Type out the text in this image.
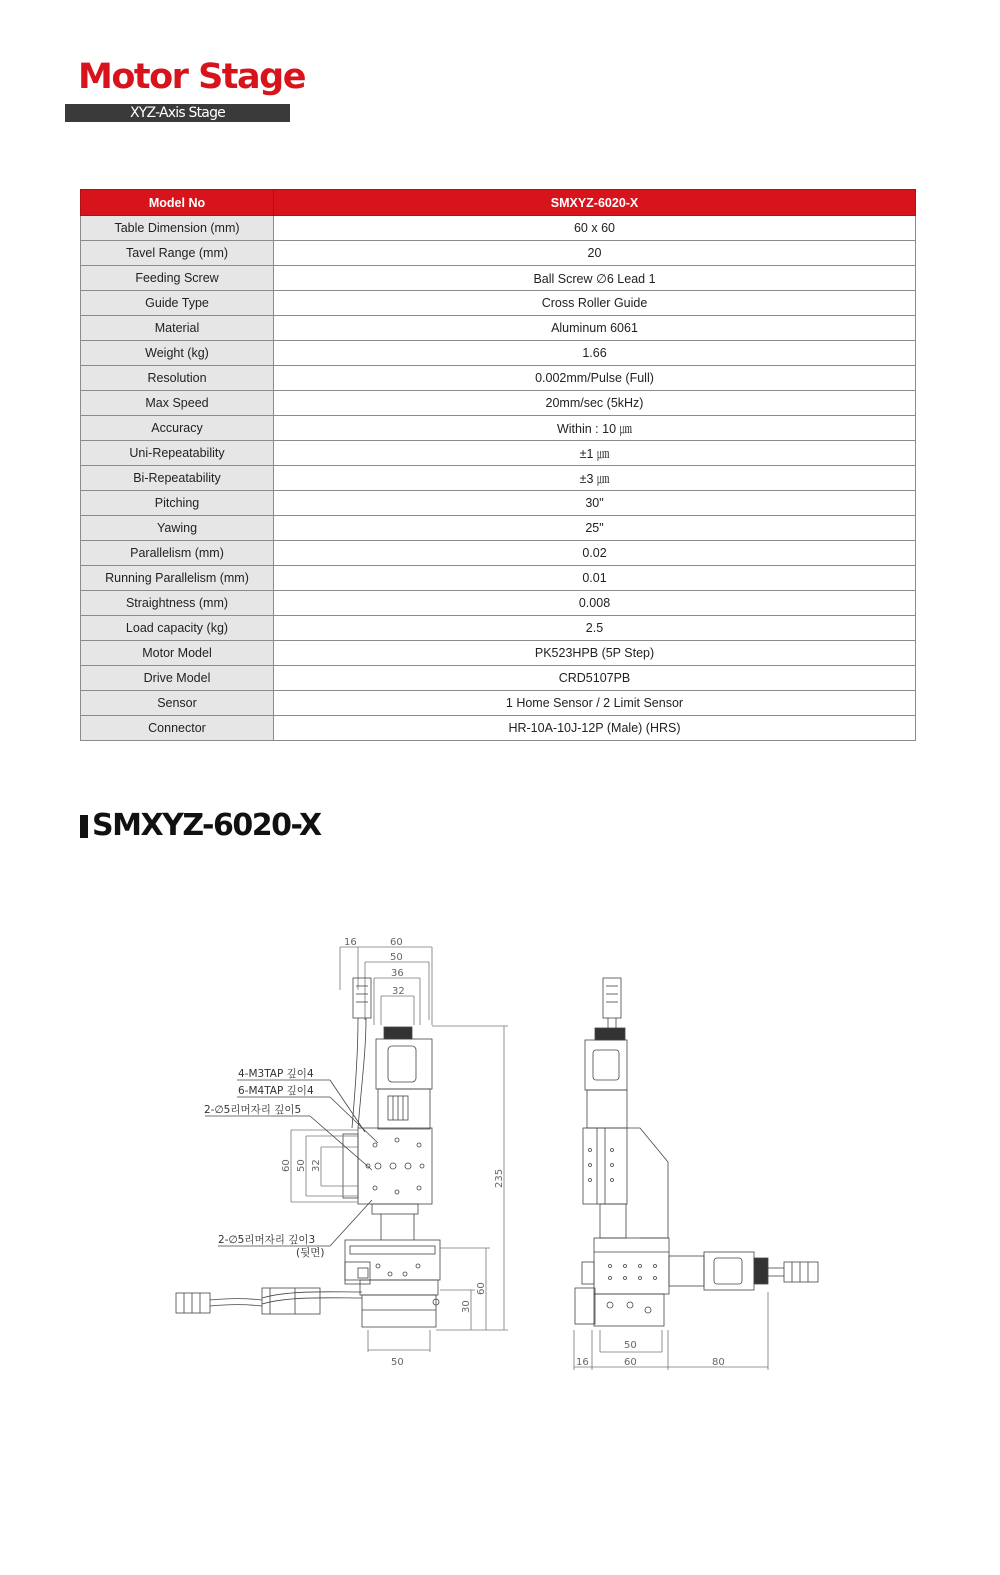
Motor Stage
XYZ-Axis Stage
Model No	SMXYZ-6020-X
Table Dimension (mm)	60 x 60
Tavel Range (mm)	20
Feeding Screw	Ball Screw ∅6 Lead 1
Guide Type	Cross Roller Guide
Material	Aluminum 6061
Weight (kg)	1.66
Resolution	0.002mm/Pulse (Full)
Max Speed	20mm/sec (5kHz)
Accuracy	Within : 10 ㎛
Uni-Repeatability	±1 ㎛
Bi-Repeatability	±3 ㎛
Pitching	30"
Yawing	25"
Parallelism (mm)	0.02
Running Parallelism (mm)	0.01
Straightness (mm)	0.008
Load capacity (kg)	2.5
Motor Model	PK523HPB (5P Step)
Drive Model	CRD5107PB
Sensor	1 Home Sensor / 2 Limit Sensor
Connector	HR-10A-10J-12P (Male) (HRS)
SMXYZ-6020-X
16	60
50
36
32
60 50 32
235
60
30
50
50
16	60	80
4-M3TAP 깊이4
6-M4TAP 깊이4
2-∅5리머자리 깊이5
2-∅5리머자리 깊이3
(뒷면)
